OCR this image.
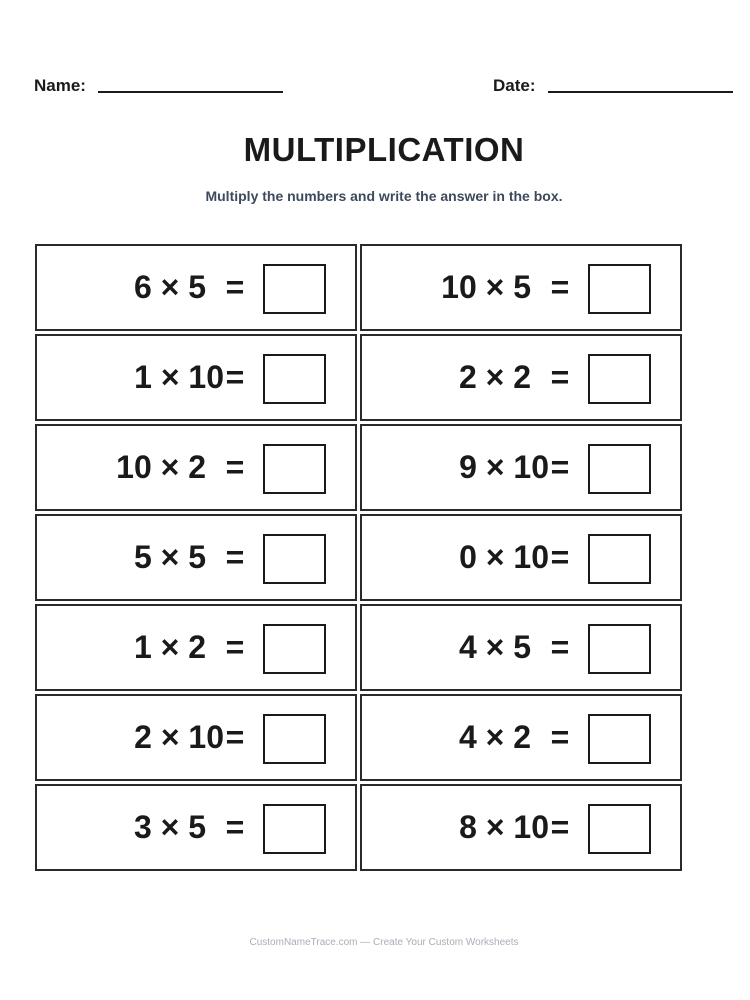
Name:	Date:
MULTIPLICATION
Multiply the numbers and write the answer in the box.
6 × 5 =	10 × 5 =
1 × 10 =	2 × 2 =
10 × 2 =	9 × 10 =
5 × 5 =	0 × 10 =
1 × 2 =	4 × 5 =
2 × 10 =	4 × 2 =
3 × 5 =	8 × 10 =
CustomNameTrace.com — Create Your Custom Worksheets
